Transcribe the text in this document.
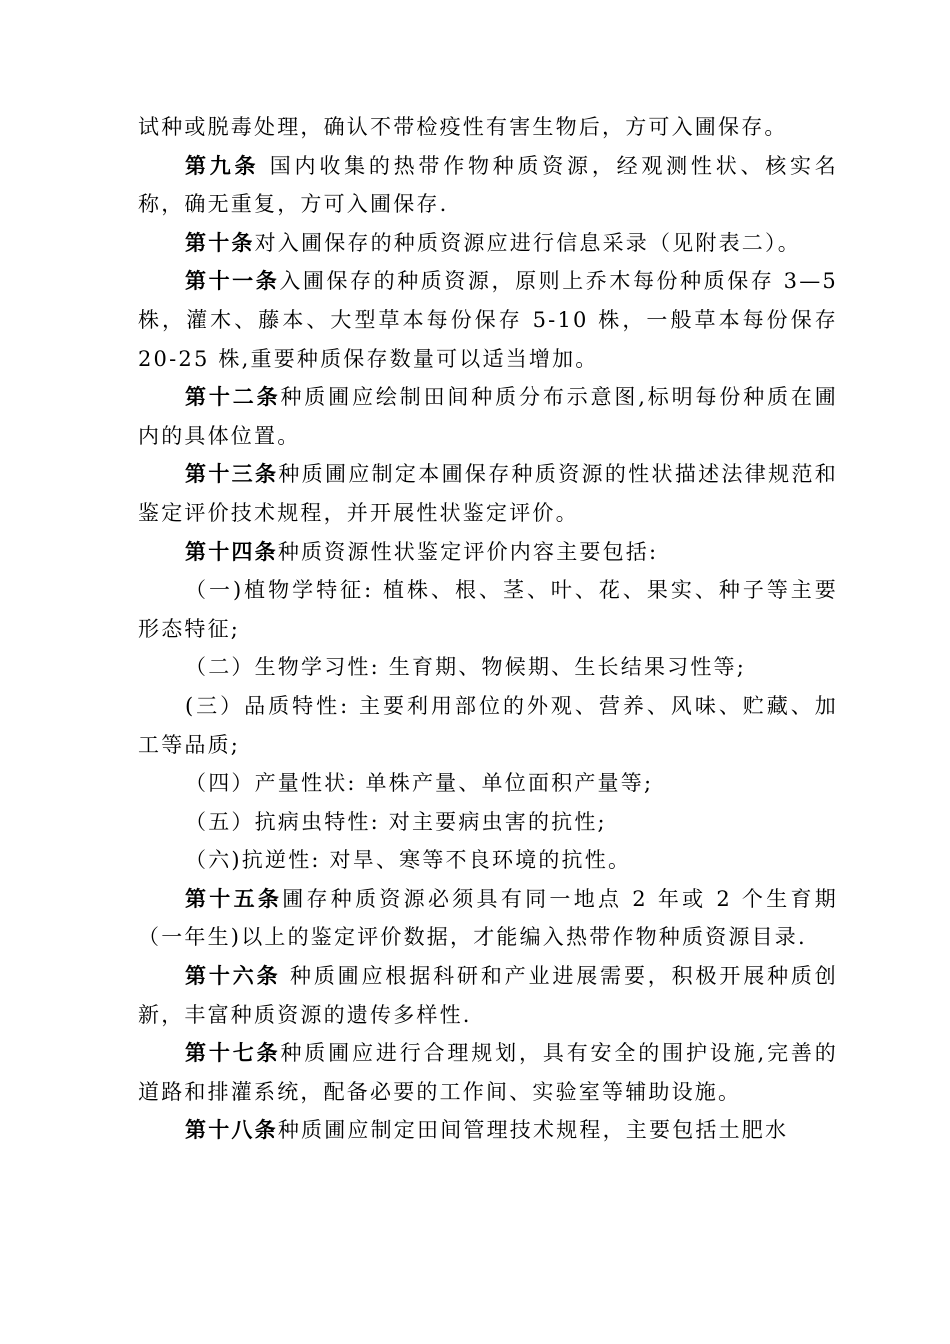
试种或脱毒处理，确认不带检疫性有害生物后，方可入圃保存。

第九条 国内收集的热带作物种质资源，经观测性状、核实名称，确无重复，方可入圃保存.

第十条对入圃保存的种质资源应进行信息采录（见附表二）。

第十一条入圃保存的种质资源，原则上乔木每份种质保存 3—5 株，灌木、藤本、大型草本每份保存 5-10 株，一般草本每份保存 20-25 株,重要种质保存数量可以适当增加。

第十二条种质圃应绘制田间种质分布示意图,标明每份种质在圃内的具体位置。

第十三条种质圃应制定本圃保存种质资源的性状描述法律规范和鉴定评价技术规程，并开展性状鉴定评价。

第十四条种质资源性状鉴定评价内容主要包括:

（一)植物学特征: 植株、根、茎、叶、花、果实、种子等主要形态特征;

（二）生物学习性: 生育期、物候期、生长结果习性等;

(三）品质特性: 主要利用部位的外观、营养、风味、贮藏、加工等品质;

（四）产量性状: 单株产量、单位面积产量等;

（五）抗病虫特性: 对主要病虫害的抗性;

（六)抗逆性: 对旱、寒等不良环境的抗性。

第十五条圃存种质资源必须具有同一地点 2 年或 2 个生育期（一年生)以上的鉴定评价数据，才能编入热带作物种质资源目录.

第十六条 种质圃应根据科研和产业进展需要，积极开展种质创新，丰富种质资源的遗传多样性.

第十七条种质圃应进行合理规划，具有安全的围护设施,完善的道路和排灌系统，配备必要的工作间、实验室等辅助设施。

第十八条种质圃应制定田间管理技术规程，主要包括土肥水
